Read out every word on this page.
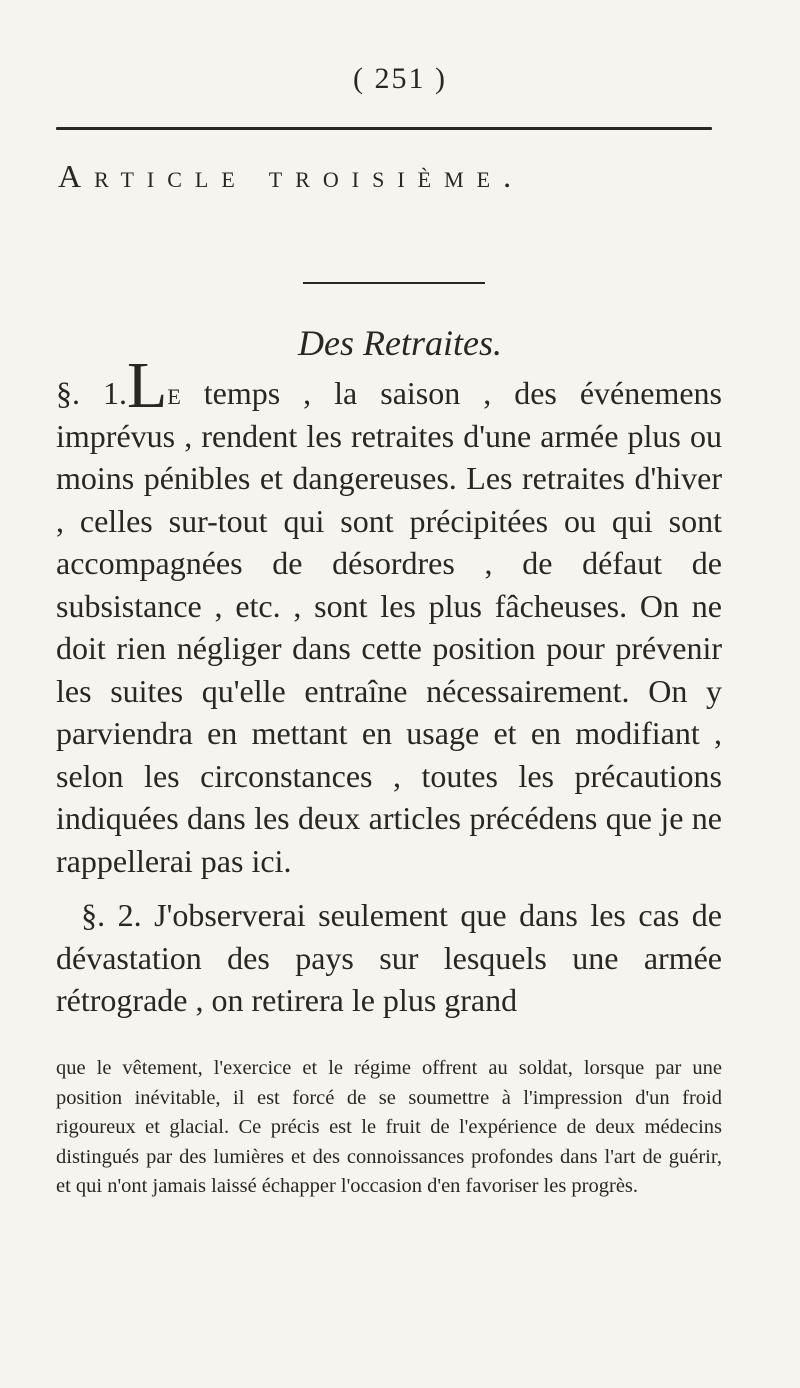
( 251 )
Article troisième.
Des Retraites.

§. 1.Le temps , la saison , des événemens imprévus , rendent les retraites d'une armée plus ou moins pénibles et dangereuses. Les retraites d'hiver , celles sur-tout qui sont précipitées ou qui sont accompagnées de désordres , de défaut de subsistance , etc. , sont les plus fâcheuses. On ne doit rien négliger dans cette position pour prévenir les suites qu'elle entraîne nécessairement. On y parviendra en mettant en usage et en modifiant , selon les circonstances , toutes les précautions indiquées dans les deux articles précédens que je ne rappellerai pas ici.

§. 2. J'observerai seulement que dans les cas de dévastation des pays sur lesquels une armée rétrograde , on retirera le plus grand

que le vêtement, l'exercice et le régime offrent au soldat, lorsque par une position inévitable, il est forcé de se soumettre à l'impression d'un froid rigoureux et glacial. Ce précis est le fruit de l'expérience de deux médecins distingués par des lumières et des connoissances profondes dans l'art de guérir, et qui n'ont jamais laissé échapper l'occasion d'en favoriser les progrès.
